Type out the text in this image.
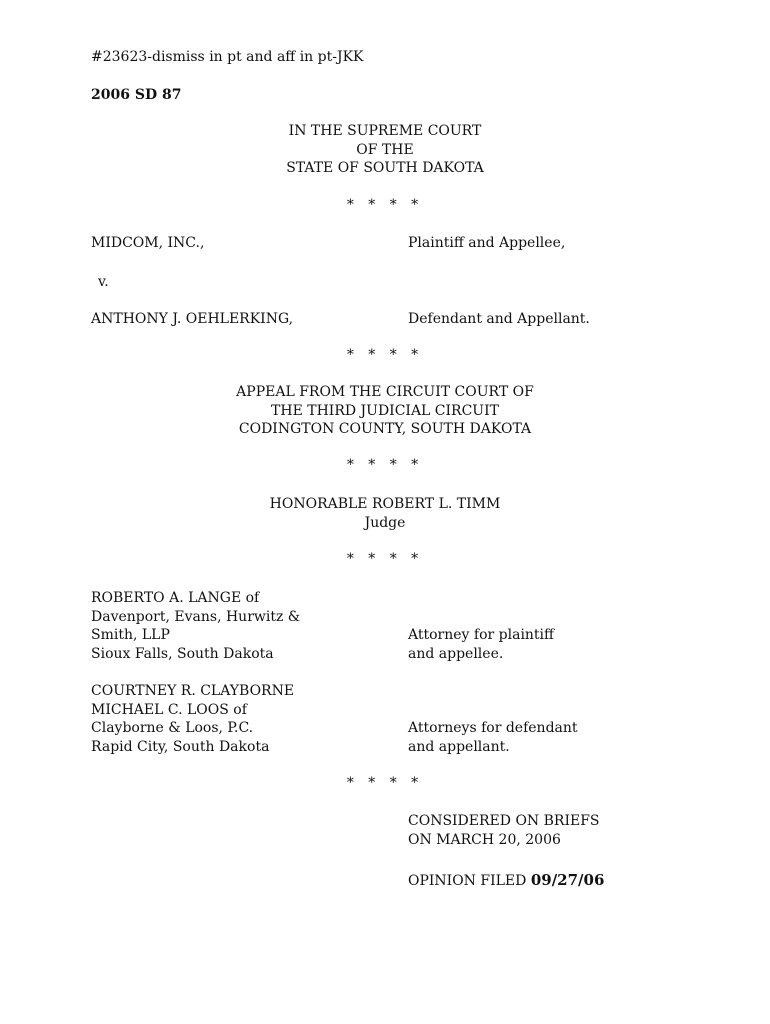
#23623-dismiss in pt and aff in pt-JKK
2006 SD 87
IN THE SUPREME COURT
OF THE
STATE OF SOUTH DAKOTA
* * * *
MIDCOM, INC.,	Plaintiff and Appellee,
v.
ANTHONY J. OEHLERKING,	Defendant and Appellant.
* * * *
APPEAL FROM THE CIRCUIT COURT OF
THE THIRD JUDICIAL CIRCUIT
CODINGTON COUNTY, SOUTH DAKOTA
* * * *
HONORABLE ROBERT L. TIMM
Judge
* * * *
ROBERTO A. LANGE of
Davenport, Evans, Hurwitz &
Smith, LLP
Sioux Falls, South Dakota
Attorney for plaintiff
and appellee.
COURTNEY R. CLAYBORNE
MICHAEL C. LOOS of
Clayborne & Loos, P.C.
Rapid City, South Dakota
Attorneys for defendant
and appellant.
* * * *
CONSIDERED ON BRIEFS
ON MARCH 20, 2006
OPINION FILED 09/27/06
